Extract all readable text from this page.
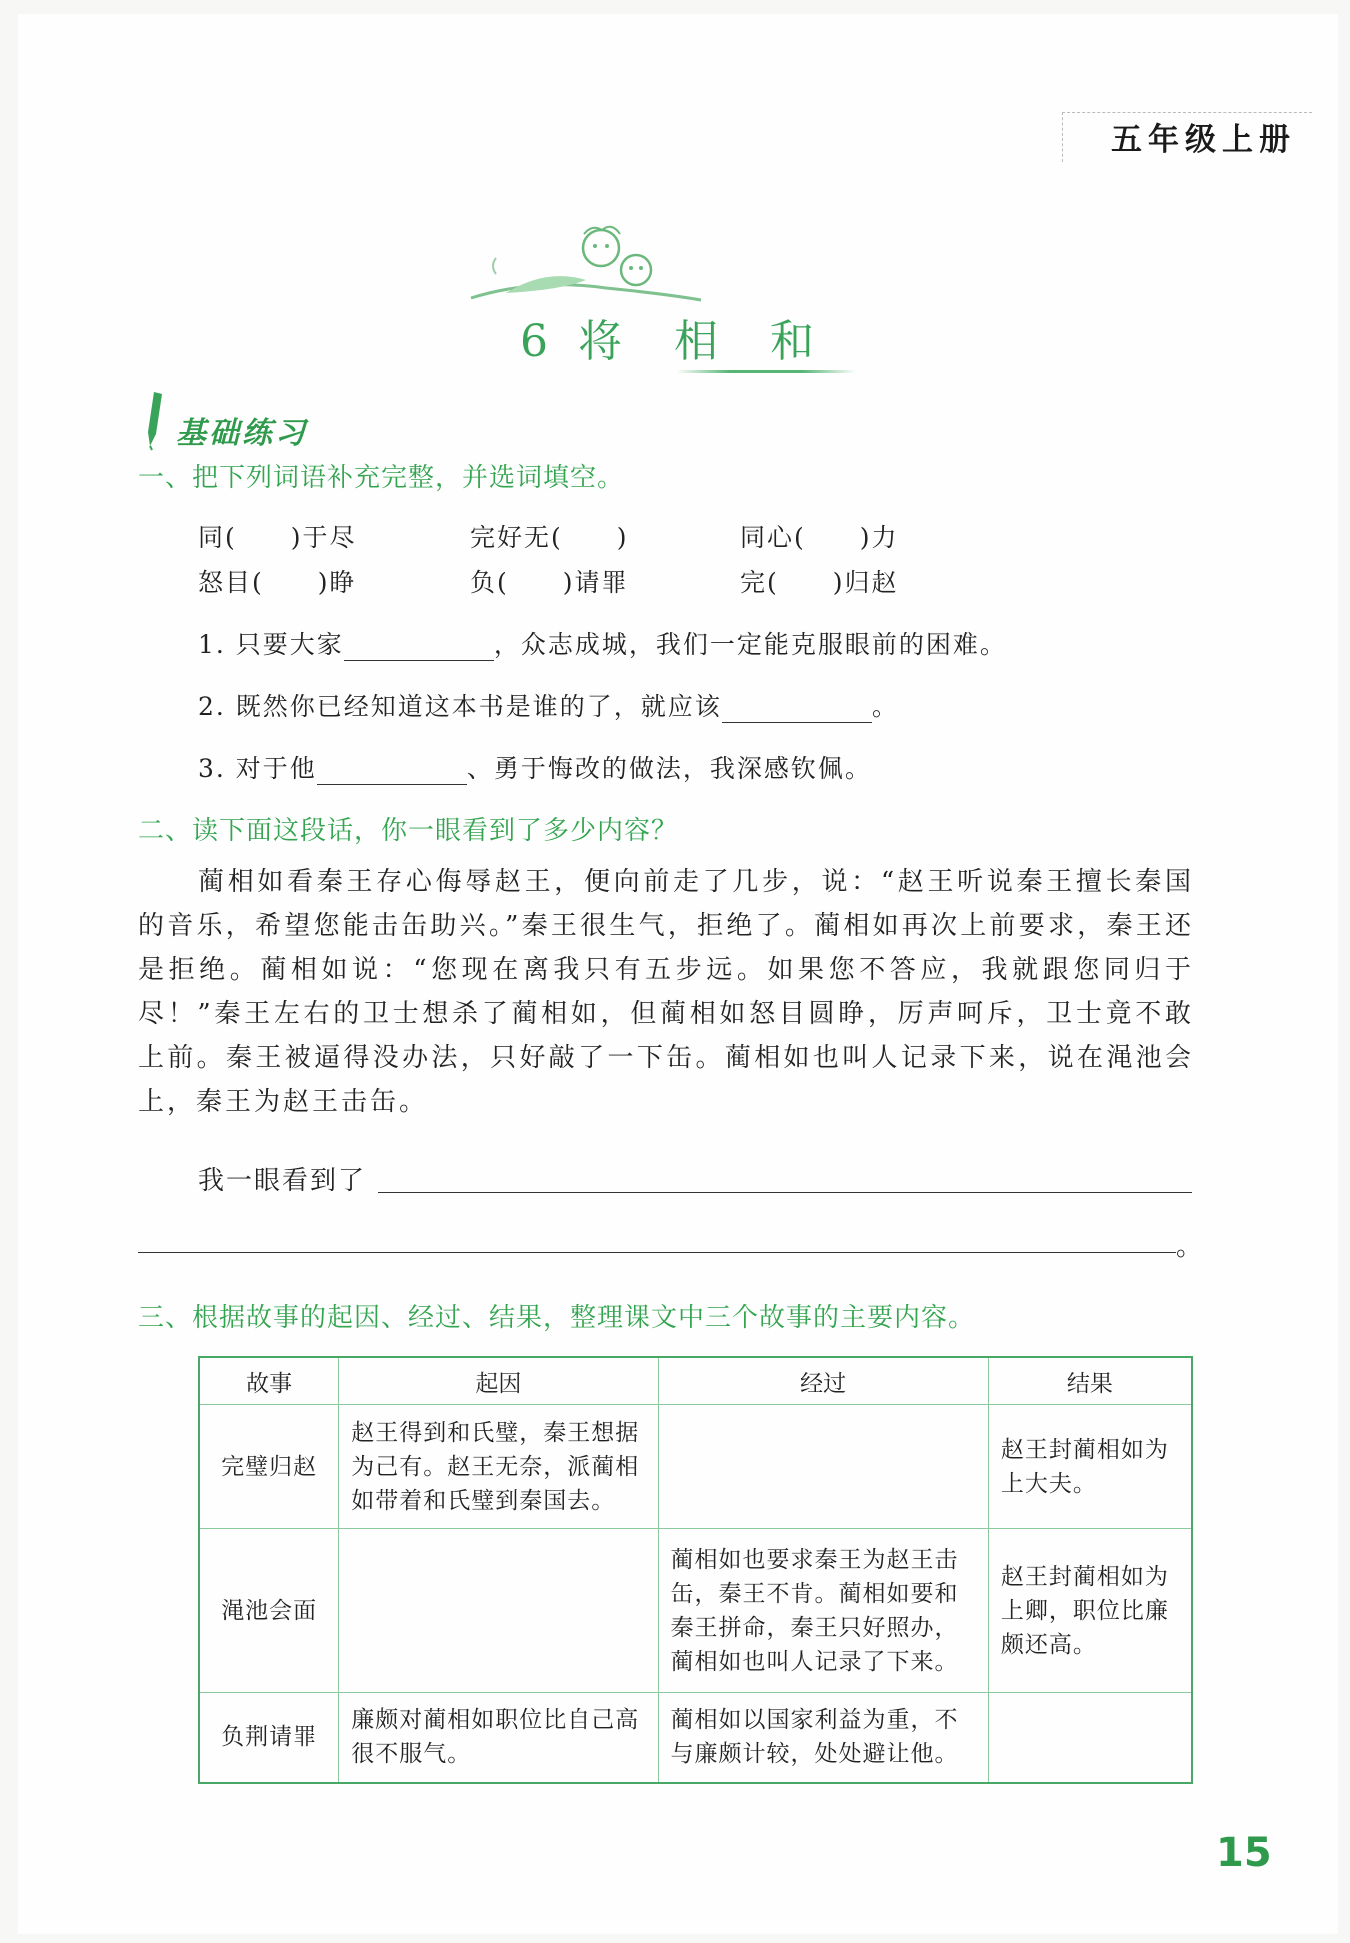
五年级上册
6 将 相 和
基础练习
一、把下列词语补充完整，并选词填空。
同(　　)于尽	完好无(　　)	同心(　　)力
怒目(　　)睁	负(　　)请罪	完(　　)归赵
1. 只要大家	，众志成城，我们一定能克服眼前的困难。
2. 既然你已经知道这本书是谁的了，就应该	。
3. 对于他	、勇于悔改的做法，我深感钦佩。
二、读下面这段话，你一眼看到了多少内容？
蔺相如看秦王存心侮辱赵王，便向前走了几步，说：“赵王听说秦王擅长秦国的音乐，希望您能击缶助兴。”秦王很生气，拒绝了。蔺相如再次上前要求，秦王还是拒绝。蔺相如说：“您现在离我只有五步远。如果您不答应，我就跟您同归于尽！”秦王左右的卫士想杀了蔺相如，但蔺相如怒目圆睁，厉声呵斥，卫士竟不敢上前。秦王被逼得没办法，只好敲了一下缶。蔺相如也叫人记录下来，说在渑池会上，秦王为赵王击缶。
我一眼看到了
。
三、根据故事的起因、经过、结果，整理课文中三个故事的主要内容。
故事	起因	经过	结果
完璧归赵	赵王得到和氏璧，秦王想据为己有。赵王无奈，派蔺相如带着和氏璧到秦国去。		赵王封蔺相如为上大夫。
渑池会面		蔺相如也要求秦王为赵王击缶，秦王不肯。蔺相如要和秦王拼命，秦王只好照办，蔺相如也叫人记录了下来。	赵王封蔺相如为上卿，职位比廉颇还高。
负荆请罪	廉颇对蔺相如职位比自己高很不服气。	蔺相如以国家利益为重，不与廉颇计较，处处避让他。	
15
